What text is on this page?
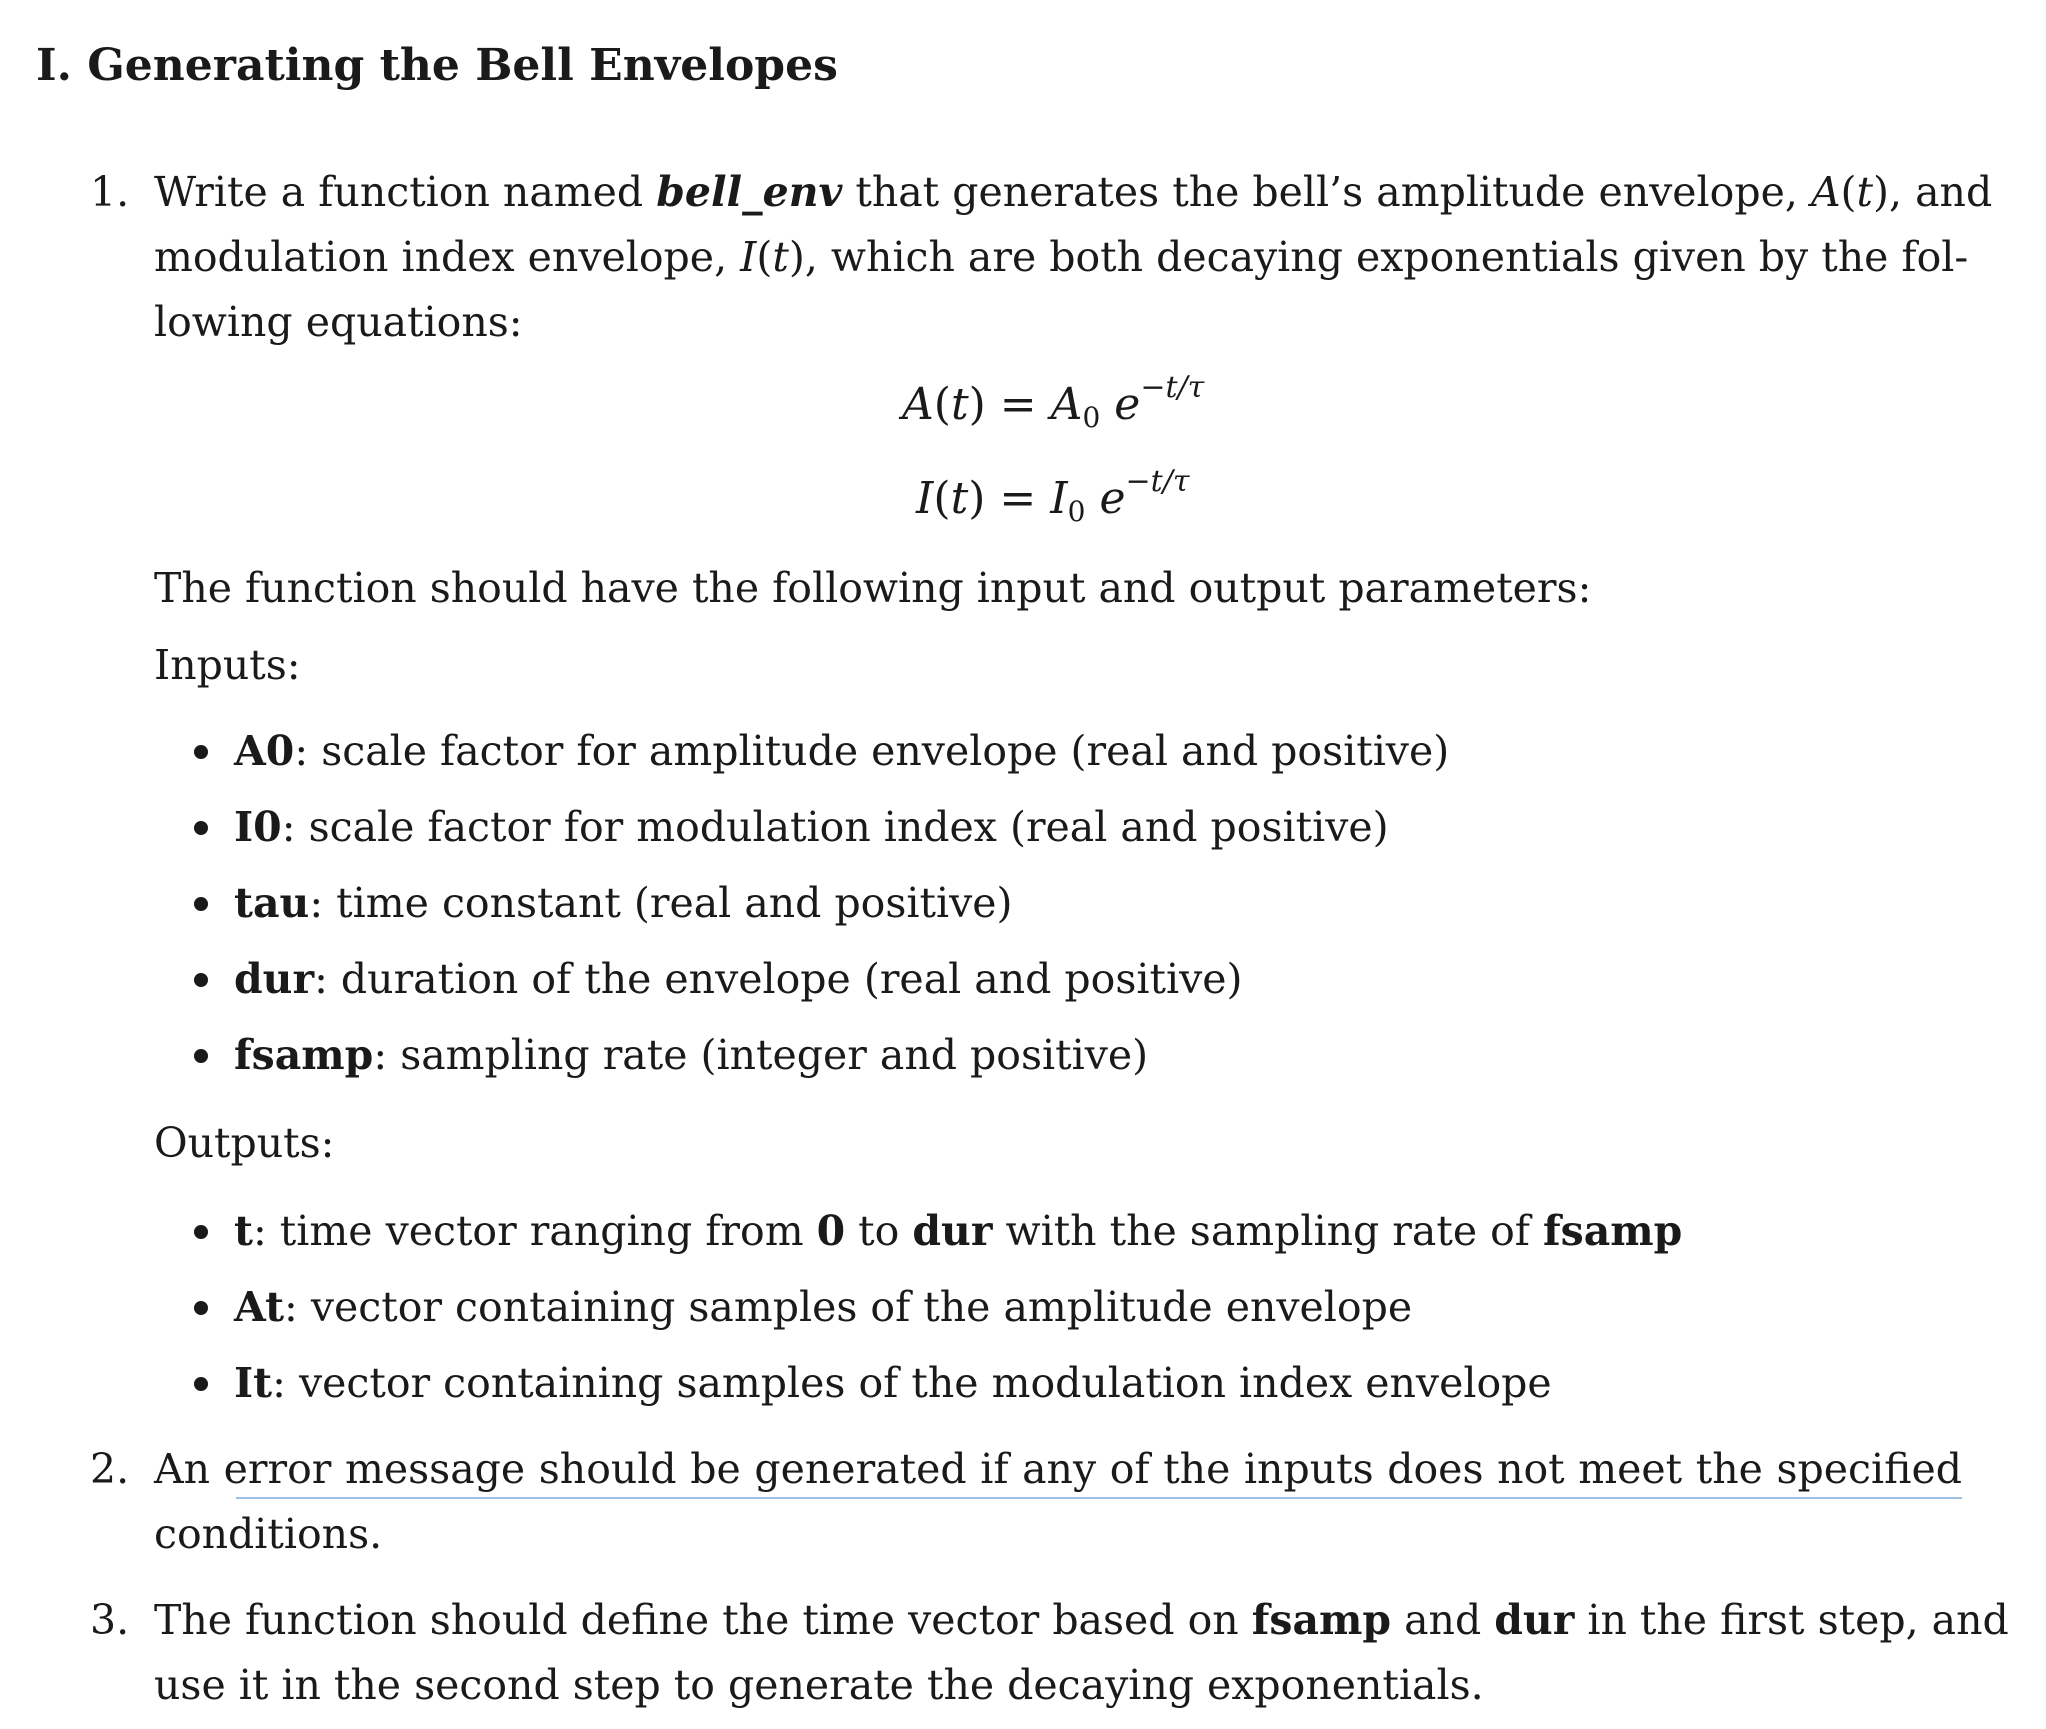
I. Generating the Bell Envelopes
1. Write a function named bell_env that generates the bell’s amplitude envelope, A(t), and
modulation index envelope, I(t), which are both decaying exponentials given by the fol-
lowing equations:
$A(t) = A_0$ $e^{-t/\tau}$
$I(t) = I_0$ $e^{-t/\tau}$
The function should have the following input and output parameters:
Inputs:
A0: scale factor for amplitude envelope (real and positive)
I0: scale factor for modulation index (real and positive)
tau: time constant (real and positive)
dur: duration of the envelope (real and positive)
fsamp: sampling rate (integer and positive)
Outputs:
t: time vector ranging from 0 to dur with the sampling rate of fsamp
At: vector containing samples of the amplitude envelope
It: vector containing samples of the modulation index envelope
2. An error message should be generated if any of the inputs does not meet the specified
conditions.
3. The function should define the time vector based on fsamp and dur in the first step, and
use it in the second step to generate the decaying exponentials.
